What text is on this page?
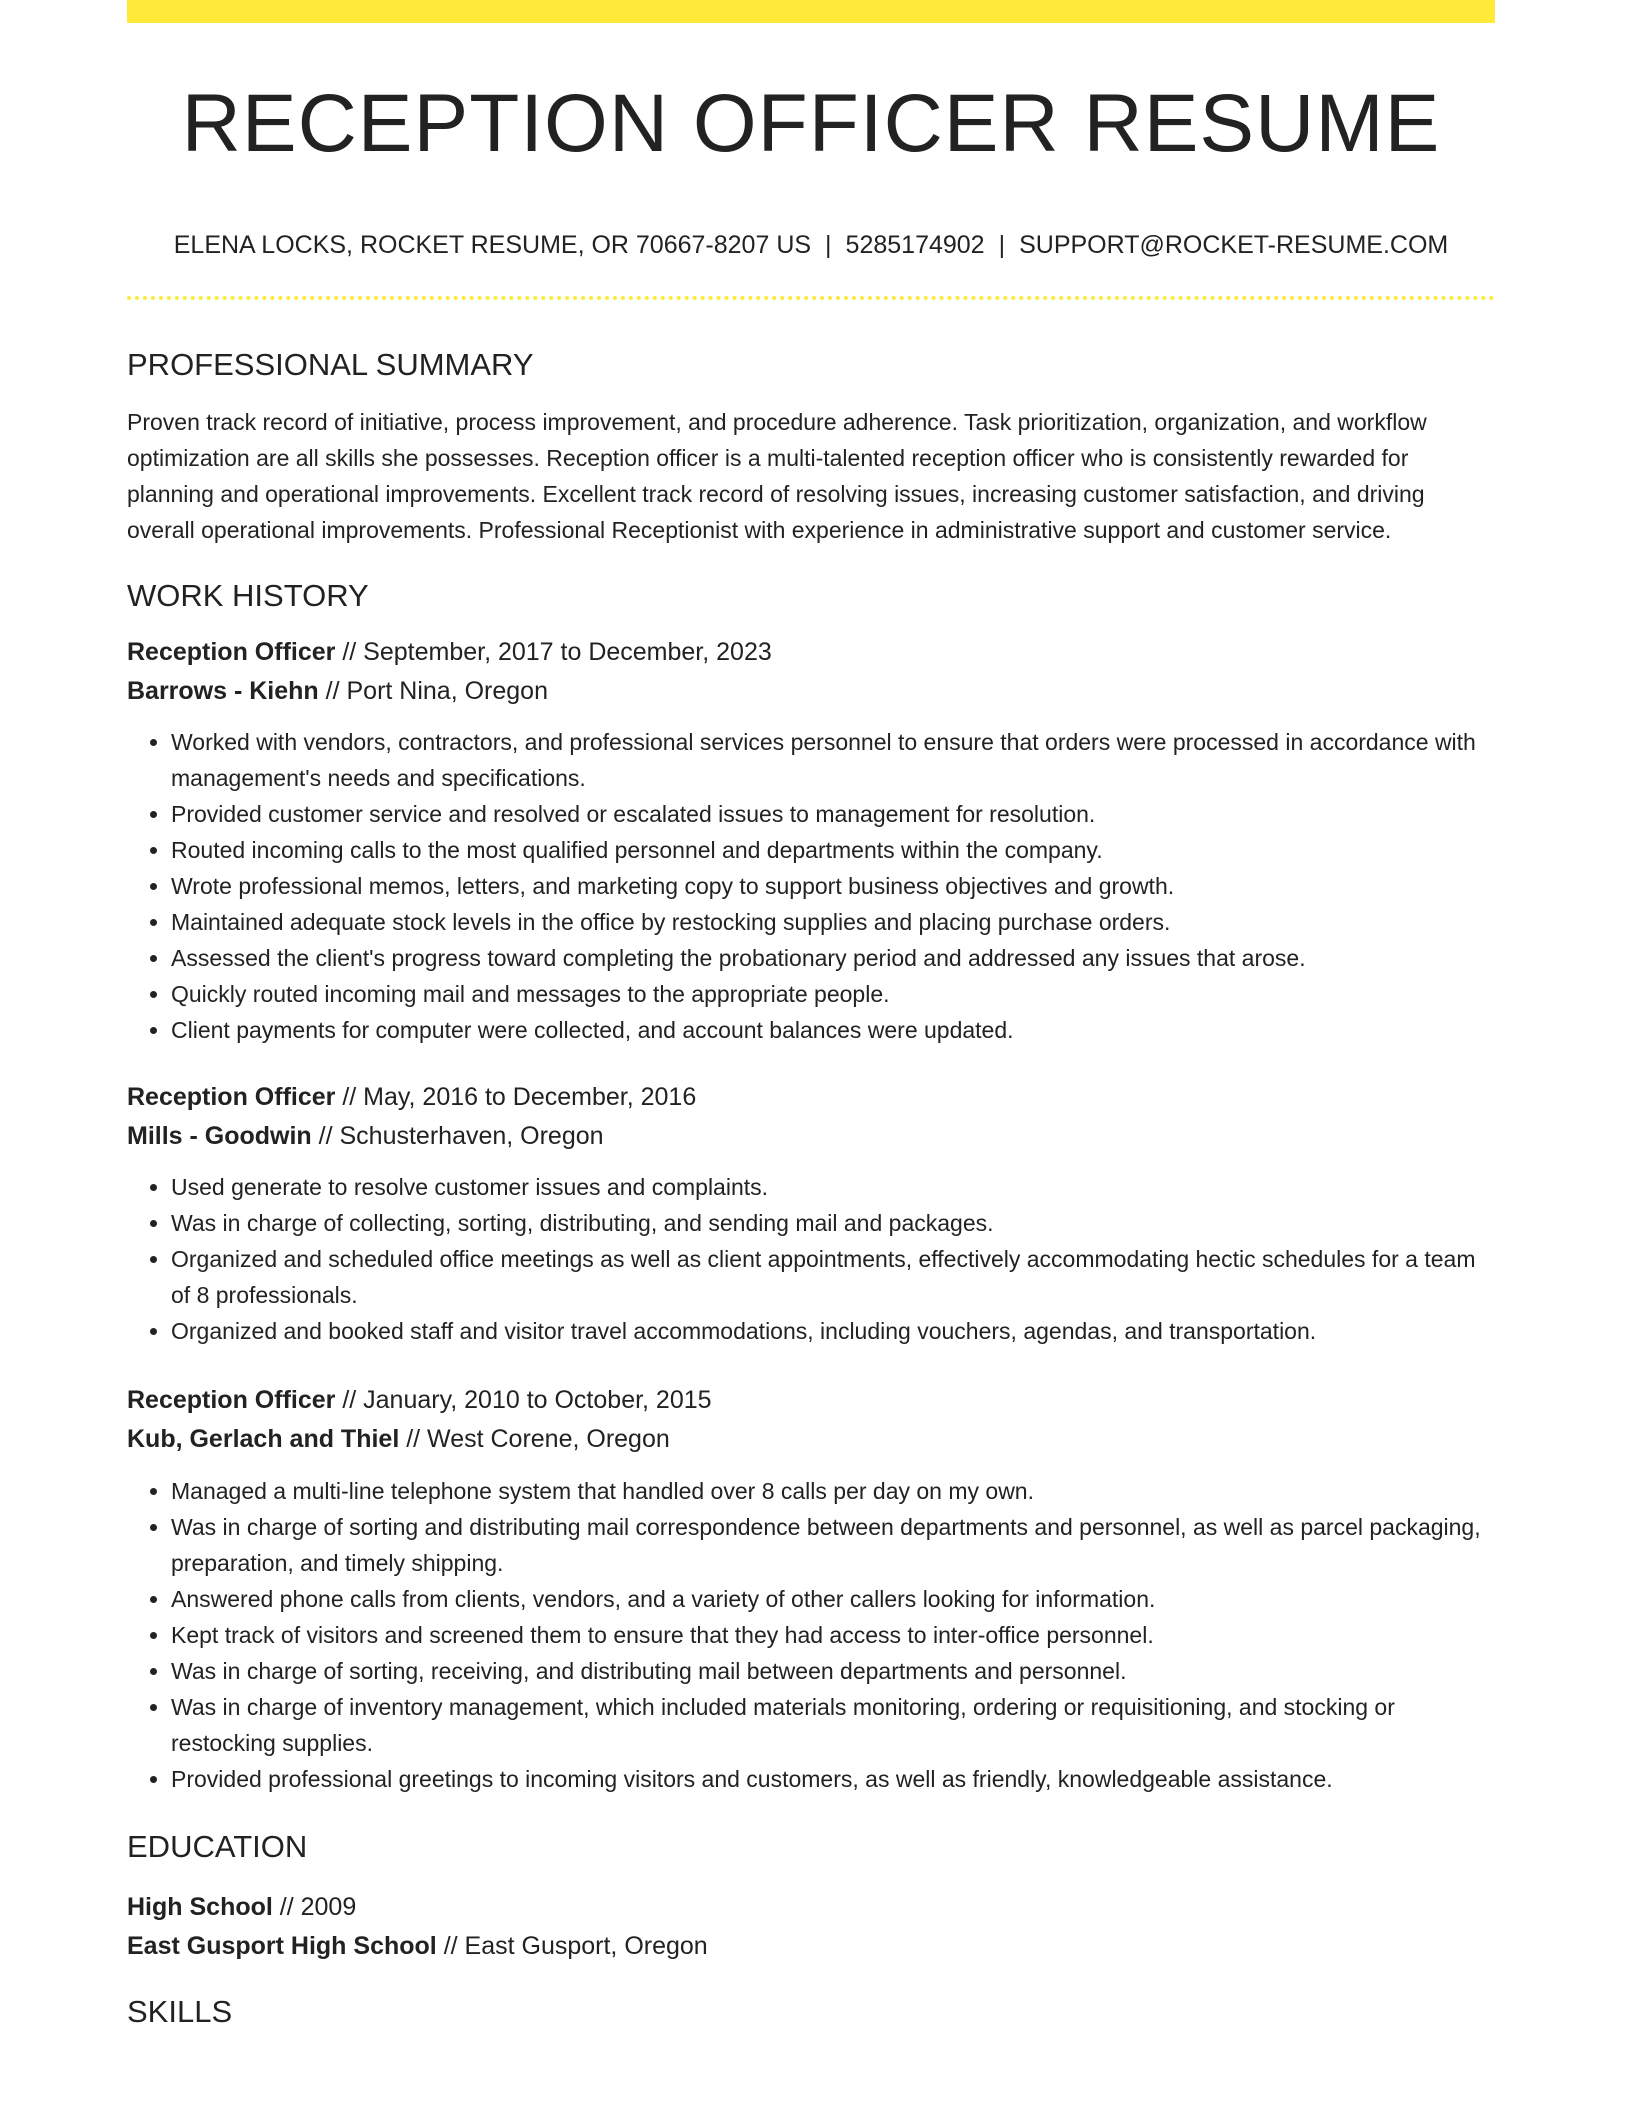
RECEPTION OFFICER RESUME
ELENA LOCKS, ROCKET RESUME, OR 70667-8207 US | 5285174902 | SUPPORT@ROCKET-RESUME.COM
PROFESSIONAL SUMMARY

Proven track record of initiative, process improvement, and procedure adherence. Task prioritization, organization, and workflow optimization are all skills she possesses. Reception officer is a multi-talented reception officer who is consistently rewarded for planning and operational improvements. Excellent track record of resolving issues, increasing customer satisfaction, and driving overall operational improvements. Professional Receptionist with experience in administrative support and customer service.

WORK HISTORY

Reception Officer // September, 2017 to December, 2023

Barrows - Kiehn // Port Nina, Oregon

• Worked with vendors, contractors, and professional services personnel to ensure that orders were processed in accordance with management's needs and specifications.
• Provided customer service and resolved or escalated issues to management for resolution.
• Routed incoming calls to the most qualified personnel and departments within the company.
• Wrote professional memos, letters, and marketing copy to support business objectives and growth.
• Maintained adequate stock levels in the office by restocking supplies and placing purchase orders.
• Assessed the client's progress toward completing the probationary period and addressed any issues that arose.
• Quickly routed incoming mail and messages to the appropriate people.
• Client payments for computer were collected, and account balances were updated.

Reception Officer // May, 2016 to December, 2016

Mills - Goodwin // Schusterhaven, Oregon

• Used generate to resolve customer issues and complaints.
• Was in charge of collecting, sorting, distributing, and sending mail and packages.
• Organized and scheduled office meetings as well as client appointments, effectively accommodating hectic schedules for a team of 8 professionals.
• Organized and booked staff and visitor travel accommodations, including vouchers, agendas, and transportation.

Reception Officer // January, 2010 to October, 2015

Kub, Gerlach and Thiel // West Corene, Oregon

• Managed a multi-line telephone system that handled over 8 calls per day on my own.
• Was in charge of sorting and distributing mail correspondence between departments and personnel, as well as parcel packaging, preparation, and timely shipping.
• Answered phone calls from clients, vendors, and a variety of other callers looking for information.
• Kept track of visitors and screened them to ensure that they had access to inter-office personnel.
• Was in charge of sorting, receiving, and distributing mail between departments and personnel.
• Was in charge of inventory management, which included materials monitoring, ordering or requisitioning, and stocking or restocking supplies.
• Provided professional greetings to incoming visitors and customers, as well as friendly, knowledgeable assistance.
EDUCATION

High School // 2009

East Gusport High School // East Gusport, Oregon

SKILLS
